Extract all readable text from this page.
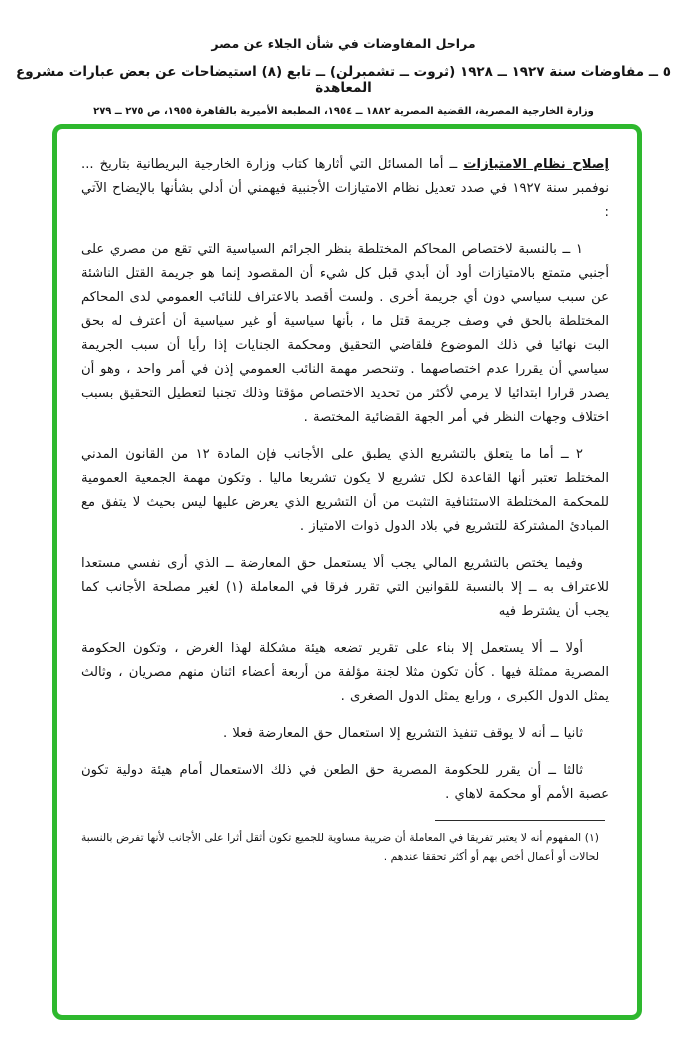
مراحل المفاوضات في شأن الجلاء عن مصر
٥ ــ مفاوضات سنة ١٩٢٧ ــ ١٩٢٨ (ثروت ــ تشمبرلن) ــ تابع (٨) استيضاحات عن بعض عبارات مشروع المعاهدة
وزارة الخارجية المصرية، القضية المصرية ١٨٨٢ ــ ١٩٥٤، المطبعة الأميرية بالقاهرة ١٩٥٥، ص ٢٧٥ ــ ٢٧٩

إصلاح نظام الامتيازات ــ أما المسائل التي أثارها كتاب وزارة الخارجية البريطانية بتاريخ ... نوفمبر سنة ١٩٢٧ في صدد تعديل نظام الامتيازات الأجنبية فيهمني أن أدلي بشأنها بالإيضاح الآتي :

١ ــ بالنسبة لاختصاص المحاكم المختلطة بنظر الجرائم السياسية التي تقع من مصري على أجنبي متمتع بالامتيازات أود أن أبدي قبل كل شيء أن المقصود إنما هو جريمة القتل الناشئة عن سبب سياسي دون أي جريمة أخرى . ولست أقصد بالاعتراف للنائب العمومي لدى المحاكم المختلطة بالحق في وصف جريمة قتل ما ، بأنها سياسية أو غير سياسية أن أعترف له بحق البت نهائيا في ذلك الموضوع فلقاضي التحقيق ومحكمة الجنايات إذا رأيا أن سبب الجريمة سياسي أن يقررا عدم اختصاصهما . وتنحصر مهمة النائب العمومي إذن في أمر واحد ، وهو أن يصدر قرارا ابتدائيا لا يرمي لأكثر من تحديد الاختصاص مؤقتا وذلك تجنبا لتعطيل التحقيق بسبب اختلاف وجهات النظر في أمر الجهة القضائية المختصة .

٢ ــ أما ما يتعلق بالتشريع الذي يطبق على الأجانب فإن المادة ١٢ من القانون المدني المختلط تعتبر أنها القاعدة لكل تشريع لا يكون تشريعا ماليا . وتكون مهمة الجمعية العمومية للمحكمة المختلطة الاستئنافية التثبت من أن التشريع الذي يعرض عليها ليس بحيث لا يتفق مع المبادئ المشتركة للتشريع في بلاد الدول ذوات الامتياز .

وفيما يختص بالتشريع المالي يجب ألا يستعمل حق المعارضة ــ الذي أرى نفسي مستعدا للاعتراف به ــ إلا بالنسبة للقوانين التي تقرر فرقا في المعاملة (١) لغير مصلحة الأجانب كما يجب أن يشترط فيه

أولا ــ ألا يستعمل إلا بناء على تقرير تضعه هيئة مشكلة لهذا الغرض ، وتكون الحكومة المصرية ممثلة فيها . كأن تكون مثلا لجنة مؤلفة من أربعة أعضاء اثنان منهم مصريان ، وثالث يمثل الدول الكبرى ، ورابع يمثل الدول الصغرى .

ثانيا ــ أنه لا يوقف تنفيذ التشريع إلا استعمال حق المعارضة فعلا .

ثالثا ــ أن يقرر للحكومة المصرية حق الطعن في ذلك الاستعمال أمام هيئة دولية تكون عصبة الأمم أو محكمة لاهاي .

(١) المفهوم أنه لا يعتبر تفريقا في المعاملة أن ضريبة مساوية للجميع تكون أثقل أثرا على الأجانب لأنها تفرض بالنسبة لحالات أو أعمال أخص بهم أو أكثر تحققا عندهم .
